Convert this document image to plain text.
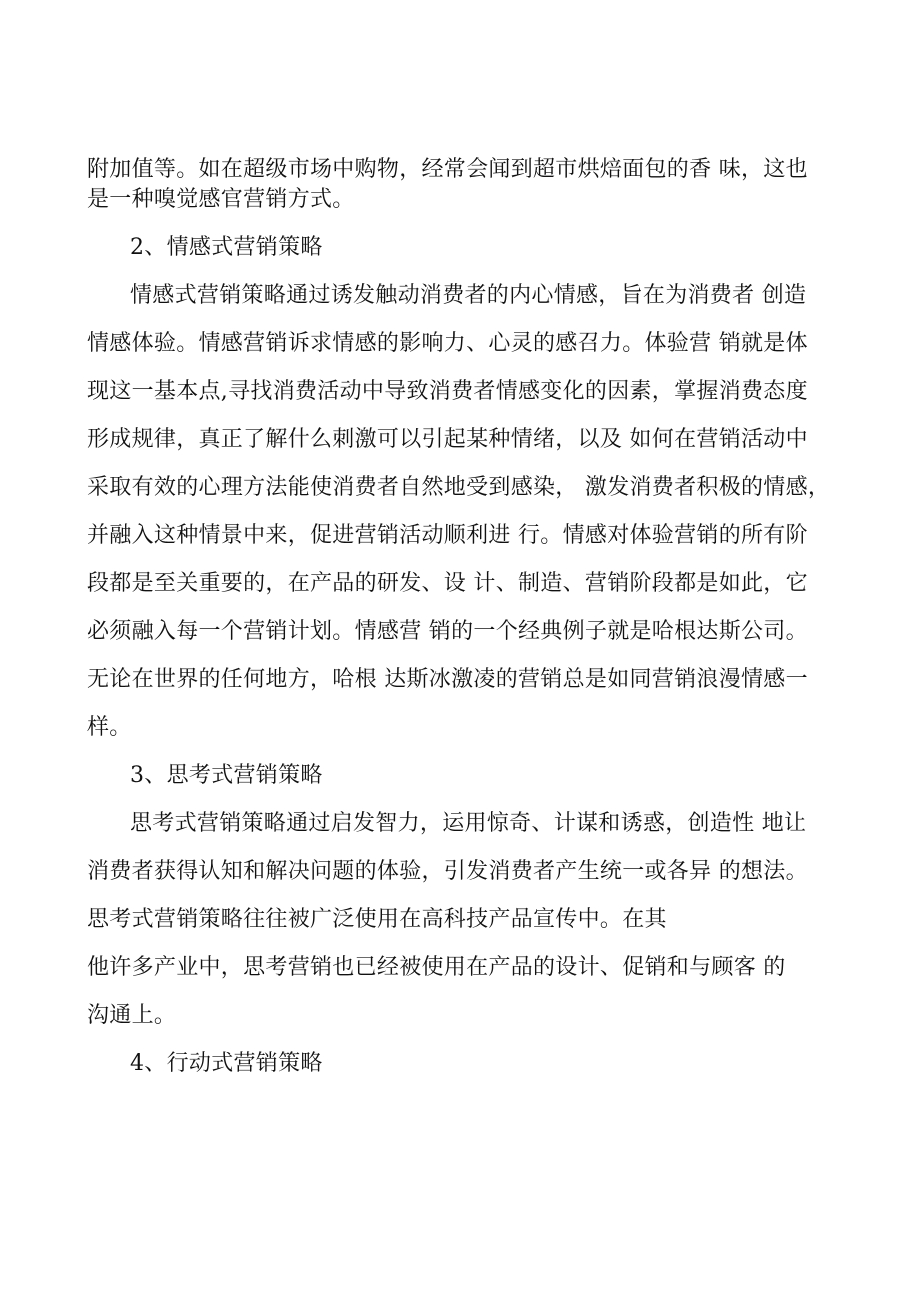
附加值等。如在超级市场中购物，经常会闻到超市烘焙面包的香 味，这也

是一种嗅觉感官营销方式。

2、情感式营销策略

情感式营销策略通过诱发触动消费者的内心情感，旨在为消费者 创造

情感体验。情感营销诉求情感的影响力、心灵的感召力。体验营 销就是体

现这一基本点,寻找消费活动中导致消费者情感变化的因素，掌握消费态度

形成规律，真正了解什么刺激可以引起某种情绪，以及 如何在营销活动中

采取有效的心理方法能使消费者自然地受到感染， 激发消费者积极的情感，

并融入这种情景中来，促进营销活动顺利进 行。情感对体验营销的所有阶

段都是至关重要的，在产品的研发、设 计、制造、营销阶段都是如此，它

必须融入每一个营销计划。情感营 销的一个经典例子就是哈根达斯公司。

无论在世界的任何地方，哈根 达斯冰激凌的营销总是如同营销浪漫情感一

样。

3、思考式营销策略

思考式营销策略通过启发智力，运用惊奇、计谋和诱惑，创造性 地让

消费者获得认知和解决问题的体验，引发消费者产生统一或各异 的想法。

思考式营销策略往往被广泛使用在高科技产品宣传中。在其

他许多产业中，思考营销也已经被使用在产品的设计、促销和与顾客 的

沟通上。

4、行动式营销策略
